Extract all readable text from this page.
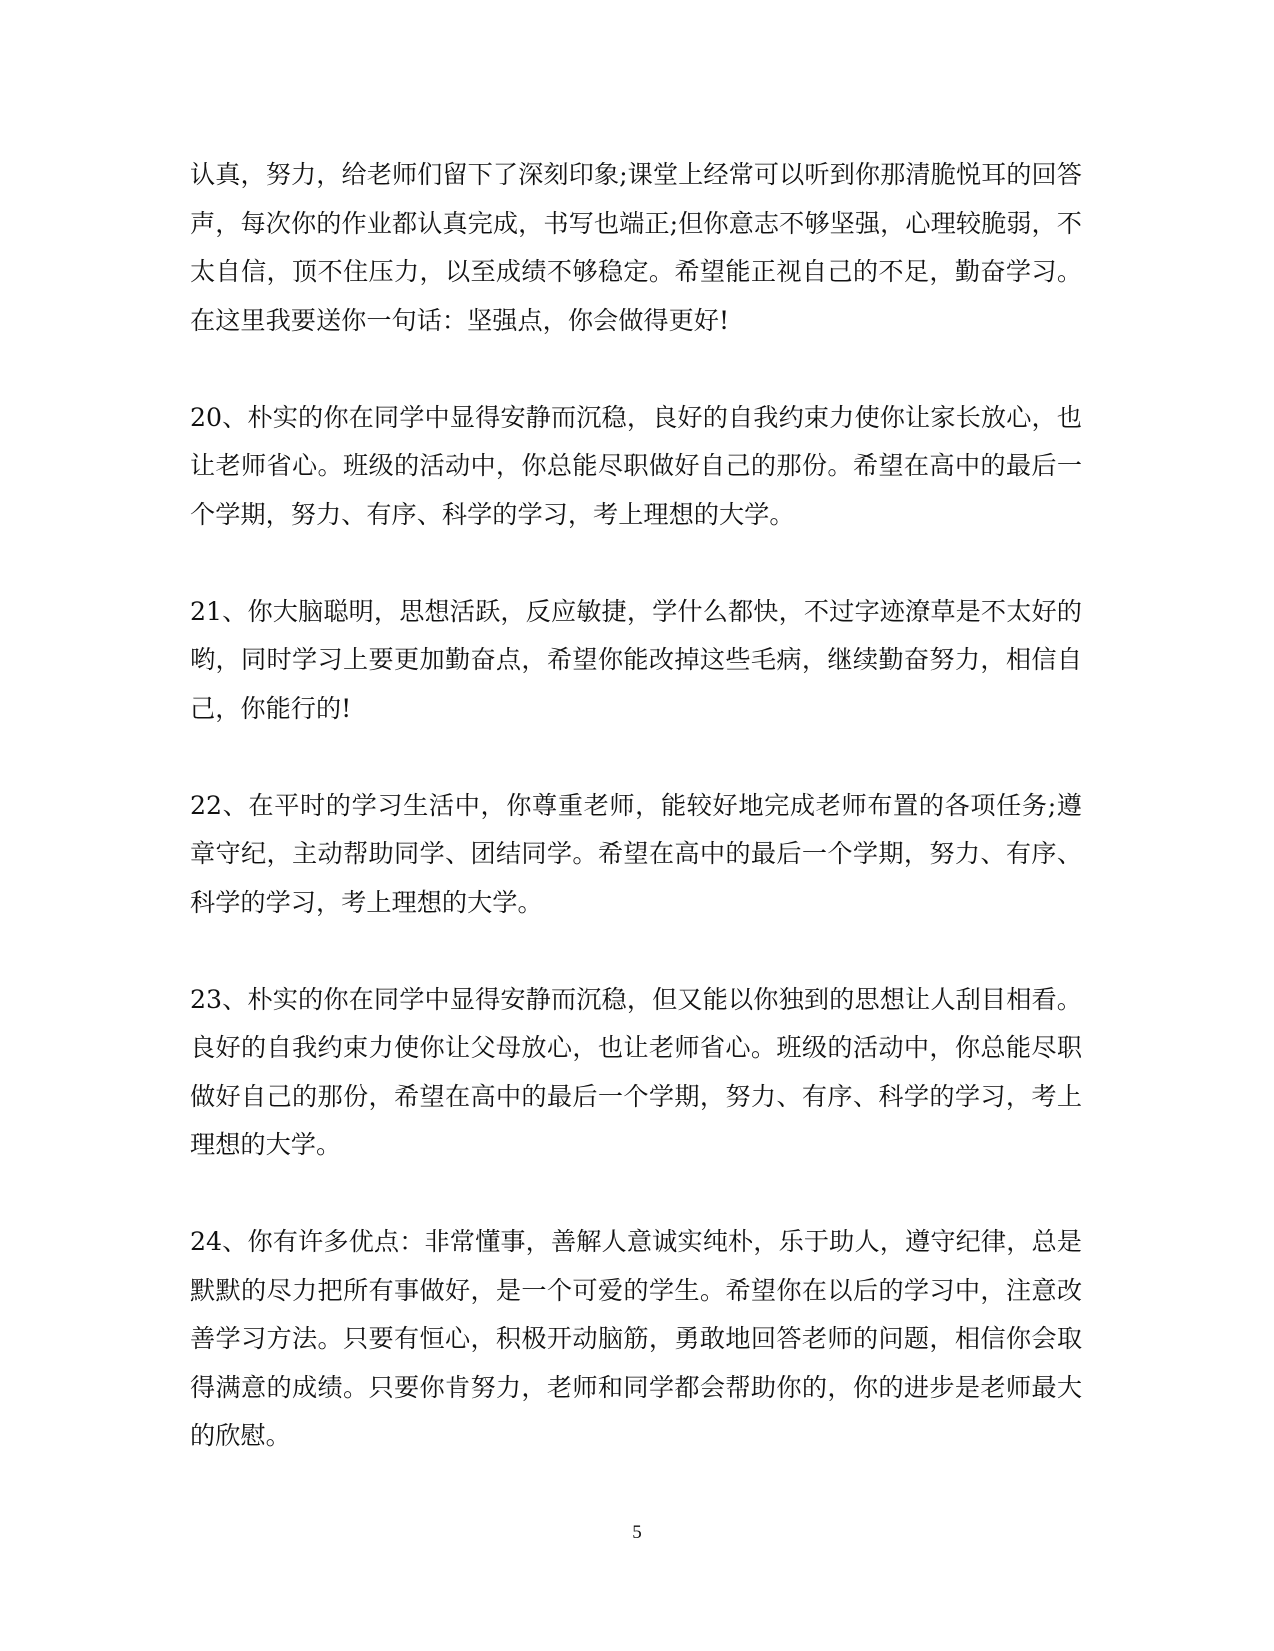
认真，努力，给老师们留下了深刻印象;课堂上经常可以听到你那清脆悦耳的回答声，每次你的作业都认真完成，书写也端正;但你意志不够坚强，心理较脆弱，不太自信，顶不住压力，以至成绩不够稳定。希望能正视自己的不足，勤奋学习。在这里我要送你一句话：坚强点，你会做得更好!

20、朴实的你在同学中显得安静而沉稳，良好的自我约束力使你让家长放心，也让老师省心。班级的活动中，你总能尽职做好自己的那份。希望在高中的最后一个学期，努力、有序、科学的学习，考上理想的大学。

21、你大脑聪明，思想活跃，反应敏捷，学什么都快，不过字迹潦草是不太好的哟，同时学习上要更加勤奋点，希望你能改掉这些毛病，继续勤奋努力，相信自己，你能行的!

22、在平时的学习生活中，你尊重老师，能较好地完成老师布置的各项任务;遵章守纪，主动帮助同学、团结同学。希望在高中的最后一个学期，努力、有序、科学的学习，考上理想的大学。

23、朴实的你在同学中显得安静而沉稳，但又能以你独到的思想让人刮目相看。良好的自我约束力使你让父母放心，也让老师省心。班级的活动中，你总能尽职做好自己的那份，希望在高中的最后一个学期，努力、有序、科学的学习，考上理想的大学。

24、你有许多优点：非常懂事，善解人意诚实纯朴，乐于助人，遵守纪律，总是默默的尽力把所有事做好，是一个可爱的学生。希望你在以后的学习中，注意改善学习方法。只要有恒心，积极开动脑筋，勇敢地回答老师的问题，相信你会取得满意的成绩。只要你肯努力，老师和同学都会帮助你的，你的进步是老师最大的欣慰。

5
